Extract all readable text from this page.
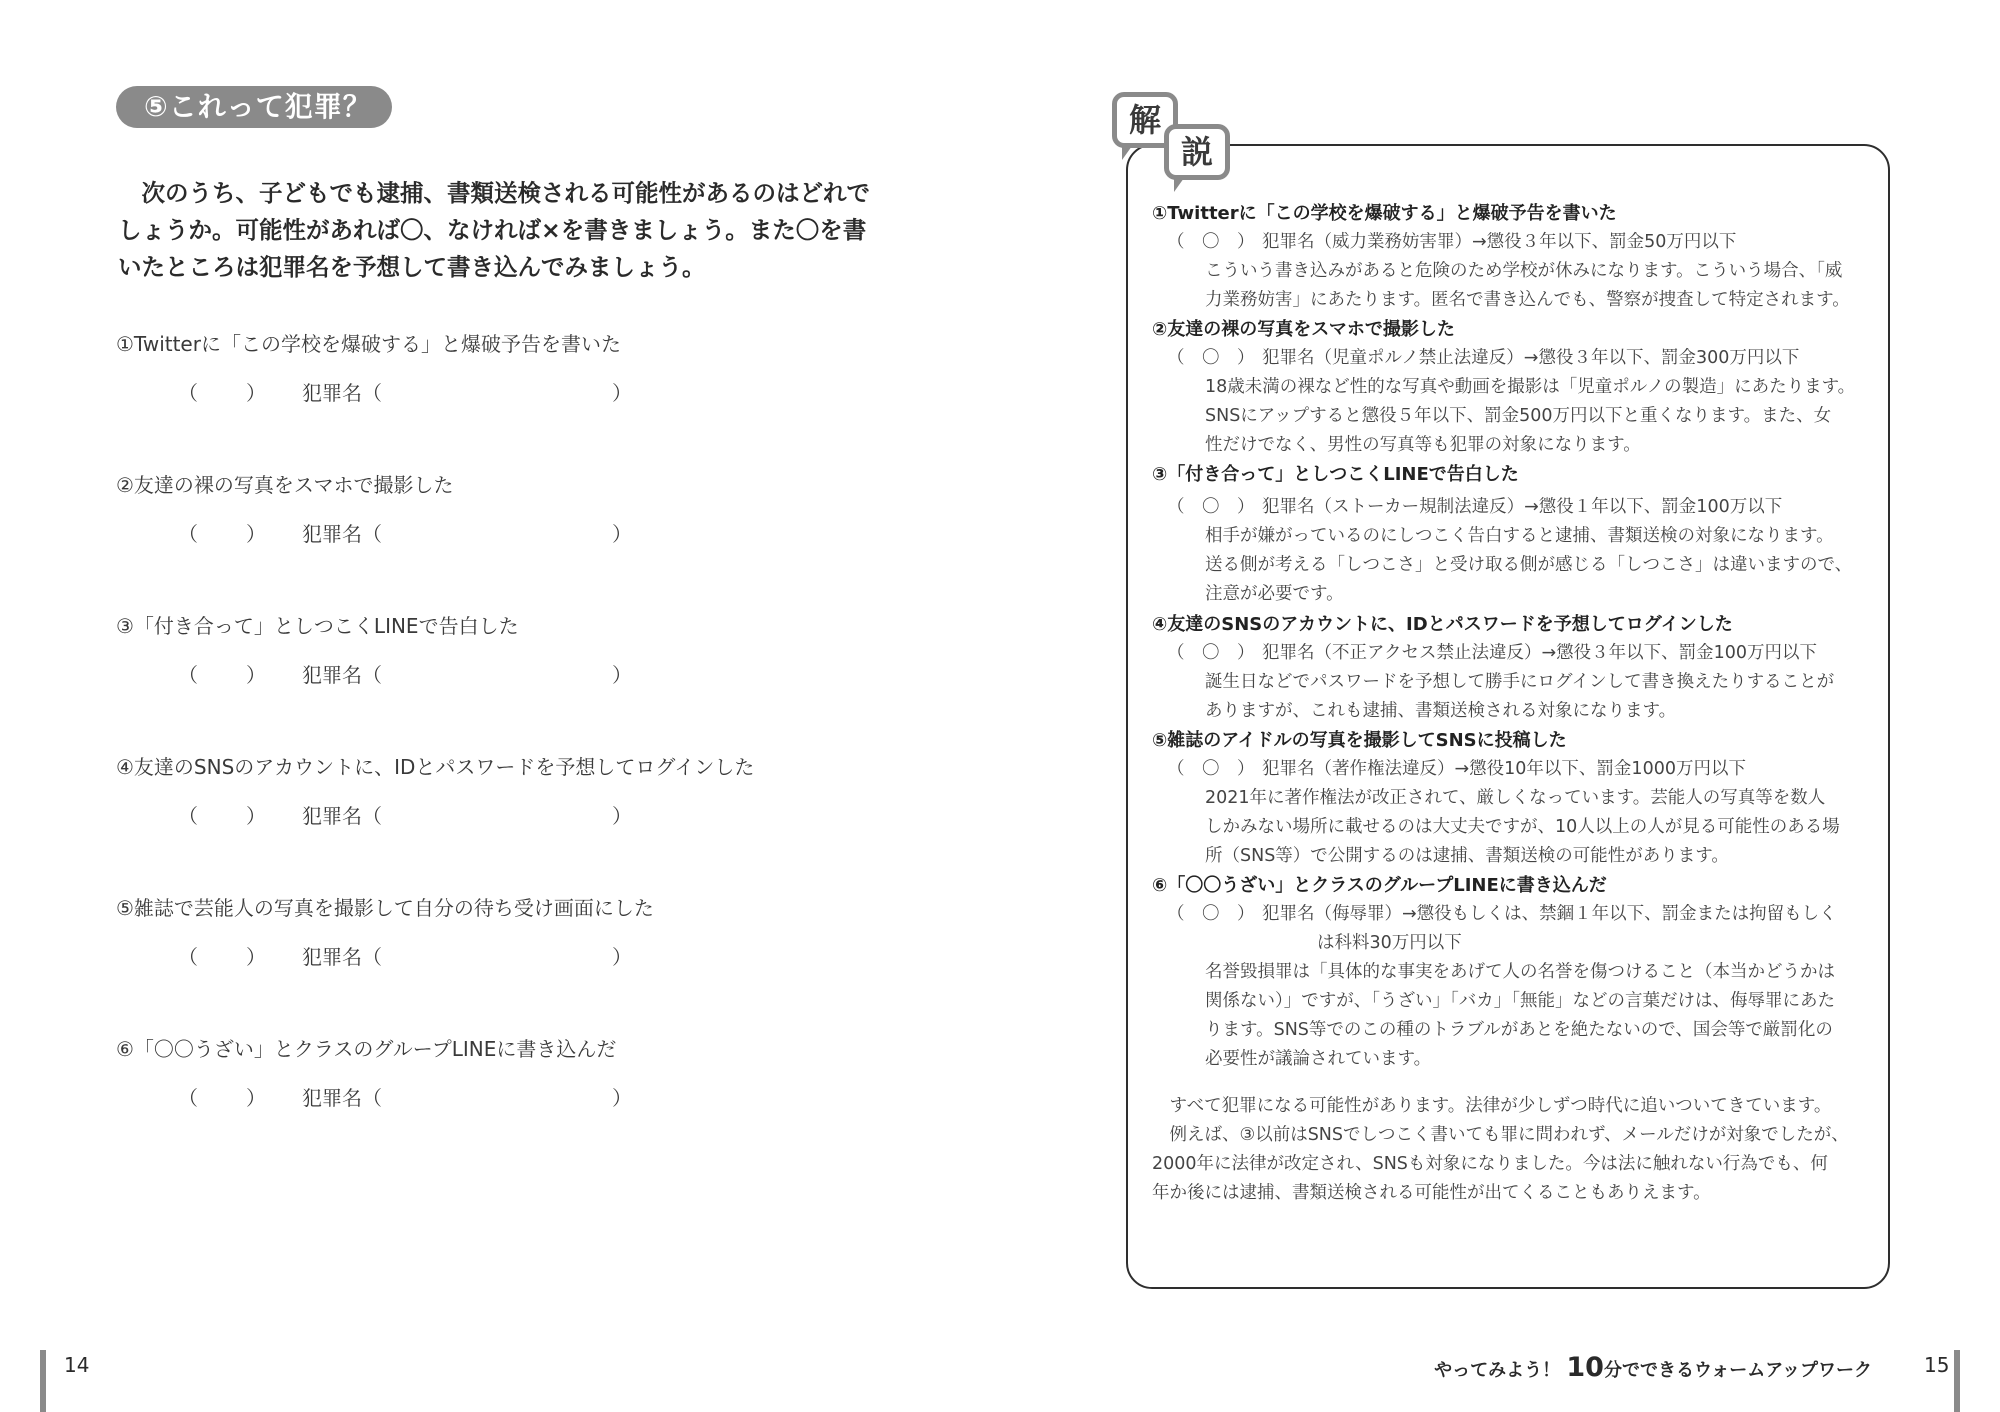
⑤これって犯罪？

　次のうち、子どもでも逮捕、書類送検される可能性があるのはどれで

しょうか。可能性があれば〇、なければ×を書きましょう。また〇を書

いたところは犯罪名を予想して書き込んでみましょう。

①Twitterに「この学校を爆破する」と爆破予告を書いた
（ ） 犯罪名（	）
②友達の裸の写真をスマホで撮影した
（ ） 犯罪名（	）
③「付き合って」としつこくLINEで告白した
（ ） 犯罪名（	）
④友達のSNSのアカウントに、IDとパスワードを予想してログインした
（ ） 犯罪名（	）
⑤雑誌で芸能人の写真を撮影して自分の待ち受け画面にした
（ ） 犯罪名（	）
⑥「〇〇うざい」とクラスのグループLINEに書き込んだ
（ ） 犯罪名（	）
解
説
①Twitterに「この学校を爆破する」と爆破予告を書いた
（　〇　） 犯罪名（威力業務妨害罪）→懲役３年以下、罰金50万円以下
こういう書き込みがあると危険のため学校が休みになります。こういう場合、「威
力業務妨害」にあたります。匿名で書き込んでも、警察が捜査して特定されます。
②友達の裸の写真をスマホで撮影した
（　〇　） 犯罪名（児童ポルノ禁止法違反）→懲役３年以下、罰金300万円以下
18歳未満の裸など性的な写真や動画を撮影は「児童ポルノの製造」にあたります。
SNSにアップすると懲役５年以下、罰金500万円以下と重くなります。また、女
性だけでなく、男性の写真等も犯罪の対象になります。
③「付き合って」としつこくLINEで告白した
（　〇　） 犯罪名（ストーカー規制法違反）→懲役１年以下、罰金100万以下
相手が嫌がっているのにしつこく告白すると逮捕、書類送検の対象になります。
送る側が考える「しつこさ」と受け取る側が感じる「しつこさ」は違いますので、
注意が必要です。
④友達のSNSのアカウントに、IDとパスワードを予想してログインした
（　〇　） 犯罪名（不正アクセス禁止法違反）→懲役３年以下、罰金100万円以下
誕生日などでパスワードを予想して勝手にログインして書き換えたりすることが
ありますが、これも逮捕、書類送検される対象になります。
⑤雑誌のアイドルの写真を撮影してSNSに投稿した
（　〇　） 犯罪名（著作権法違反）→懲役10年以下、罰金1000万円以下
2021年に著作権法が改正されて、厳しくなっています。芸能人の写真等を数人
しかみない場所に載せるのは大丈夫ですが、10人以上の人が見る可能性のある場
所（SNS等）で公開するのは逮捕、書類送検の可能性があります。
⑥「〇〇うざい」とクラスのグループLINEに書き込んだ
（　〇　） 犯罪名（侮辱罪）→懲役もしくは、禁錮１年以下、罰金または拘留もしく
は科料30万円以下
名誉毀損罪は「具体的な事実をあげて人の名誉を傷つけること（本当かどうかは
関係ない）」ですが、「うざい」「バカ」「無能」などの言葉だけは、侮辱罪にあた
ります。SNS等でのこの種のトラブルがあとを絶たないので、国会等で厳罰化の
必要性が議論されています。
　すべて犯罪になる可能性があります。法律が少しずつ時代に追いついてきています。
　例えば、③以前はSNSでしつこく書いても罪に問われず、メールだけが対象でしたが、
2000年に法律が改定され、SNSも対象になりました。今は法に触れない行為でも、何
年か後には逮捕、書類送検される可能性が出てくることもありえます。
14	やってみよう！ 10分でできるウォームアップワーク	15
